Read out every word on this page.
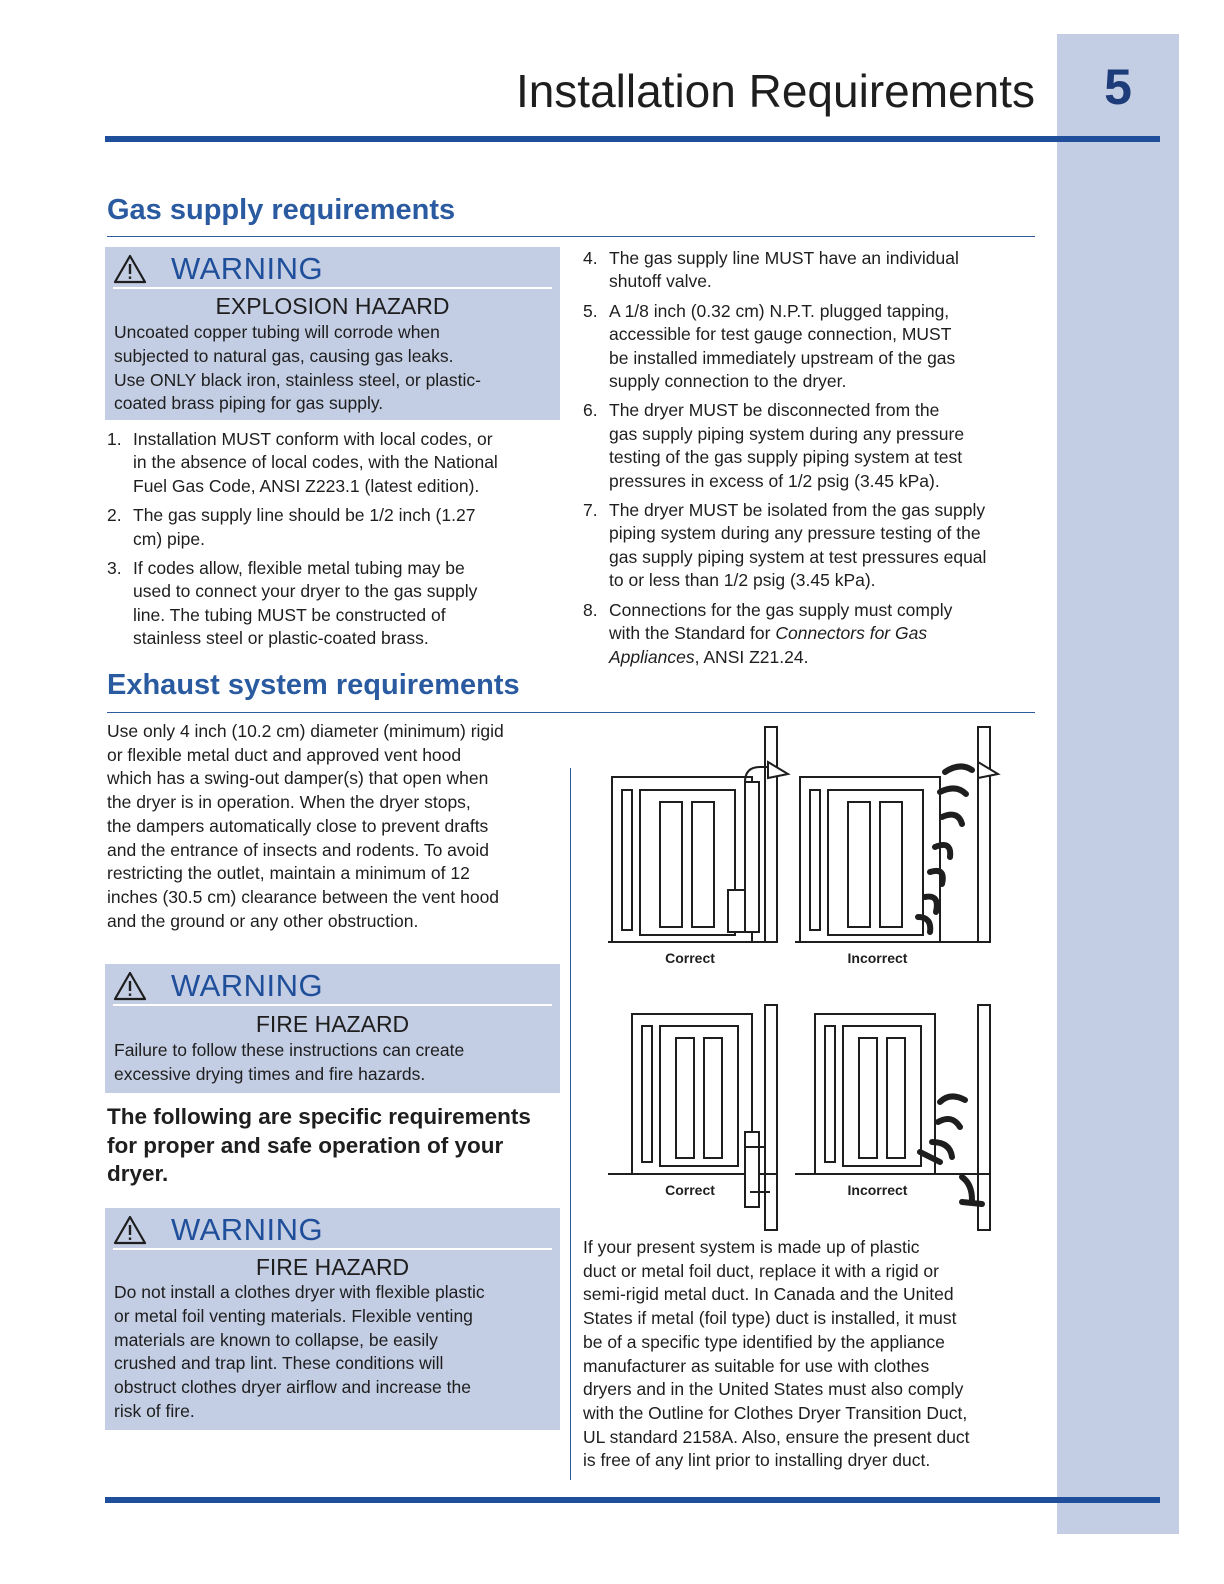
5
Installation Requirements
Gas supply requirements
WARNING
EXPLOSION HAZARD
Uncoated copper tubing will corrode when
subjected to natural gas, causing gas leaks.
Use ONLY black iron, stainless steel, or plastic-
coated brass piping for gas supply.
1. Installation MUST conform with local codes, or
in the absence of local codes, with the National
Fuel Gas Code, ANSI Z223.1 (latest edition).
2. The gas supply line should be 1/2 inch (1.27
cm) pipe.
3. If codes allow, flexible metal tubing may be
used to connect your dryer to the gas supply
line. The tubing MUST be constructed of
stainless steel or plastic-coated brass.
4. The gas supply line MUST have an individual
shutoff valve.
5. A 1/8 inch (0.32 cm) N.P.T. plugged tapping,
accessible for test gauge connection, MUST
be installed immediately upstream of the gas
supply connection to the dryer.
6. The dryer MUST be disconnected from the
gas supply piping system during any pressure
testing of the gas supply piping system at test
pressures in excess of 1/2 psig (3.45 kPa).
7. The dryer MUST be isolated from the gas supply
piping system during any pressure testing of the
gas supply piping system at test pressures equal
to or less than 1/2 psig (3.45 kPa).
8. Connections for the gas supply must comply
with the Standard for Connectors for Gas
Appliances, ANSI Z21.24.
Exhaust system requirements
Use only 4 inch (10.2 cm) diameter (minimum) rigid
or flexible metal duct and approved vent hood
which has a swing-out damper(s) that open when
the dryer is in operation. When the dryer stops,
the dampers automatically close to prevent drafts
and the entrance of insects and rodents. To avoid
restricting the outlet, maintain a minimum of 12
inches (30.5 cm) clearance between the vent hood
and the ground or any other obstruction.
WARNING
FIRE HAZARD
Failure to follow these instructions can create
excessive drying times and fire hazards.
The following are specific requirements
for proper and safe operation of your
dryer.
WARNING
FIRE HAZARD
Do not install a clothes dryer with flexible plastic
or metal foil venting materials. Flexible venting
materials are known to collapse, be easily
crushed and trap lint. These conditions will
obstruct clothes dryer airflow and increase the
risk of fire.
Correct	Incorrect
Correct	Incorrect
If your present system is made up of plastic
duct or metal foil duct, replace it with a rigid or
semi-rigid metal duct. In Canada and the United
States if metal (foil type) duct is installed, it must
be of a specific type identified by the appliance
manufacturer as suitable for use with clothes
dryers and in the United States must also comply
with the Outline for Clothes Dryer Transition Duct,
UL standard 2158A. Also, ensure the present duct
is free of any lint prior to installing dryer duct.
